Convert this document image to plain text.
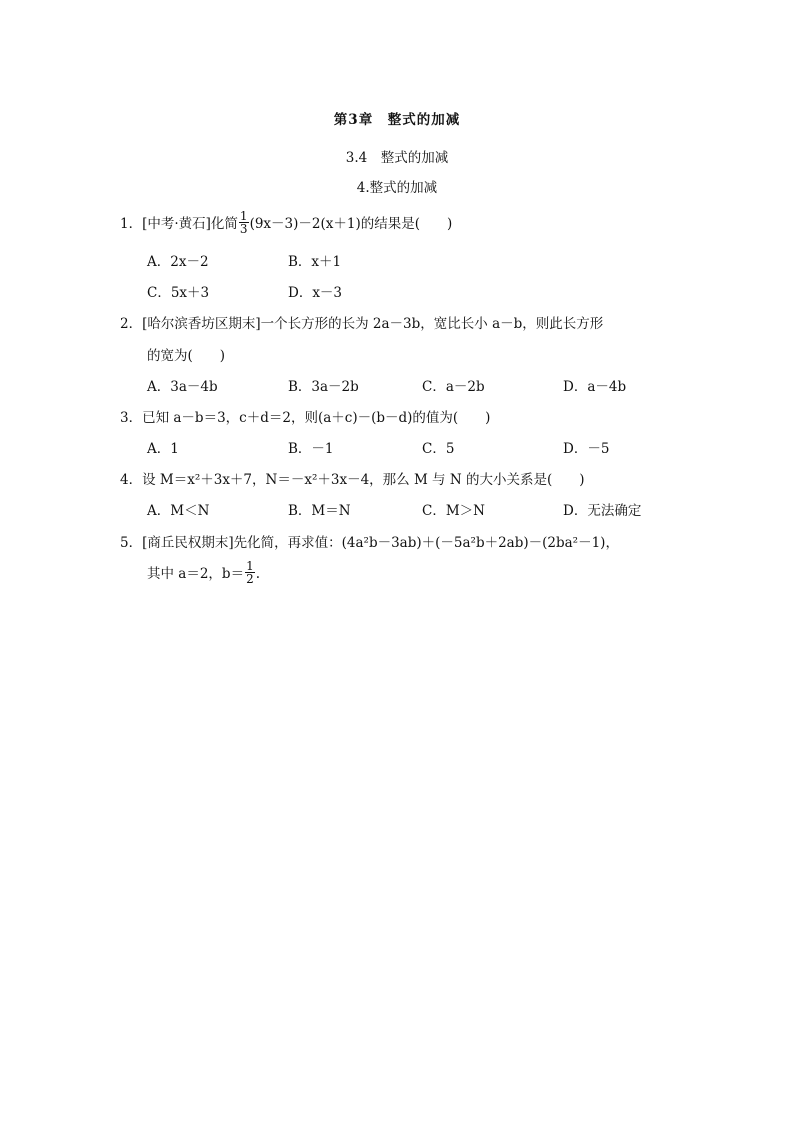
第3章　整式的加减
3.4　整式的加减
4.整式的加减
1．[中考·黄石]化简 $\frac{1}{3} (9x-3)-2(x+1)$的结果是(　　)
A．2x－2	B．x＋1
C．5x＋3	D．x－3
2．[哈尔滨香坊区期末]一个长方形的长为 2a－3b，宽比长小 a－b，则此长方形
的宽为(　　)
A．3a－4b	B．3a－2b	C．a－2b	D．a－4b
3．已知 a－b＝3，c＋d＝2，则(a＋c)－(b－d)的值为(　　)
A．1	B．－1	C．5	D．－5
4．设 M＝x²＋3x＋7，N＝－x²＋3x－4，那么 M 与 N 的大小关系是(　　)
A．M＜N	B．M＝N	C．M＞N	D．无法确定
5．[商丘民权期末]先化简，再求值：(4a²b－3ab)＋(－5a²b＋2ab)－(2ba²－1)，
其中 a＝2，$b= \frac{1}{2}$ .
